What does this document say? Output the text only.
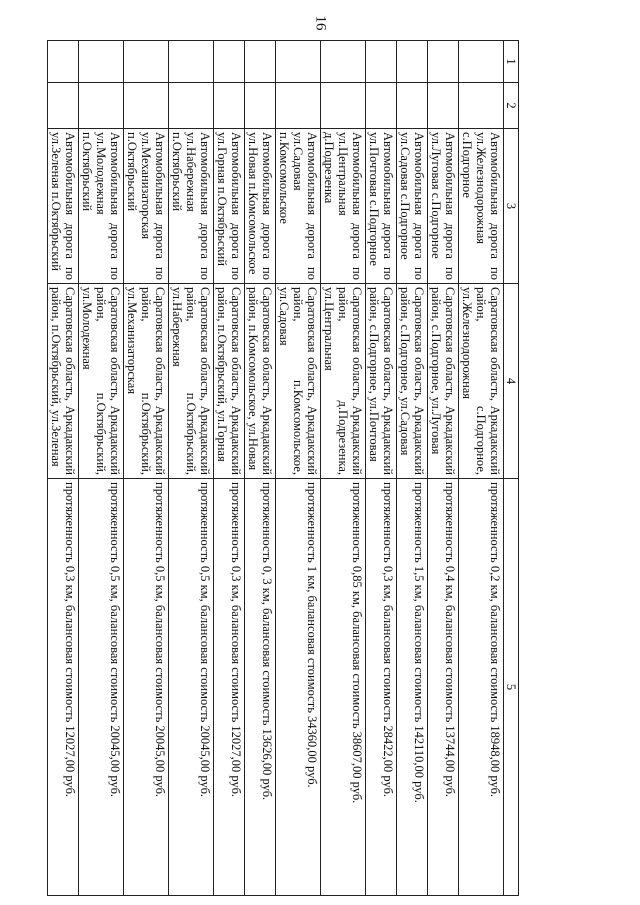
16
1	2	3	4	5
		Автомобильная дорога по ул.Железнодорожная с.Подгорное	Саратовская область, Аркадакский район, с.Подгорное, ул.Железнодорожная	протяженность 0,2 км, балансовая стоимость 18948,00 руб.
		Автомобильная дорога по ул.Луговая с.Подгорное	Саратовская область, Аркадакский район, с.Подгорное, ул.Луговая	протяженность 0,4 км, балансовая стоимость 13744,00 руб.
		Автомобильная дорога по ул.Садовая с.Подгорное	Саратовская область, Аркадакский район, с.Подгорное, ул.Садовая	протяженность 1,5 км, балансовая стоимость 142110,00 руб.
		Автомобильная дорога по ул.Почтовая с.Подгорное	Саратовская область, Аркадакский район, с.Подгорное, ул.Почтовая	протяженность 0,3 км, балансовая стоимость 28422,00 руб.
		Автомобильная дорога по ул.Центральная д.Подрезенка	Саратовская область, Аркадакский район, д.Подрезенка, ул.Центральная	протяженность 0,85 км, балансовая стоимость 38607,00 руб.
		Автомобильная дорога по ул.Садовая п.Комсомольское	Саратовская область, Аркадакский район, п.Комсомольское, ул.Садовая	протяженность 1 км, балансовая стоимость 34360,00 руб.
		Автомобильная дорога по ул.Новая п.Комсомольское	Саратовская область, Аркадакский район, п.Комсомольское, ул.Новая	протяженность 0, 3 км, балансовая стоимость 13626,00 руб.
		Автомобильная дорога по ул.Горная п.Октябрьский	Саратовская область, Аркадакский район, п.Октябрьский, ул.Горная	протяженность 0,3 км, балансовая стоимость 12027,00 руб.
		Автомобильная дорога по ул.Набережная п.Октябрьский	Саратовская область, Аркадакский район, п.Октябрьский, ул.Набережная	протяженность 0,5 км, балансовая стоимость 20045,00 руб.
		Автомобильная дорога по ул.Механизаторская п.Октябрьский	Саратовская область, Аркадакский район, п.Октябрьский, ул.Механизаторская	протяженность 0,5 км, балансовая стоимость 20045,00 руб.
		Автомобильная дорога по ул.Молодежная п.Октябрьский	Саратовская область, Аркадакский район, п.Октябрьский, ул.Молодежная	протяженность 0,5 км, балансовая стоимость 20045,00 руб.
		Автомобильная дорога по ул.Зеленая п.Октябрьский	Саратовская область, Аркадакский район, п.Октябрьский, ул.Зеленая	протяженность 0,3 км, балансовая стоимость 12027,00 руб.
